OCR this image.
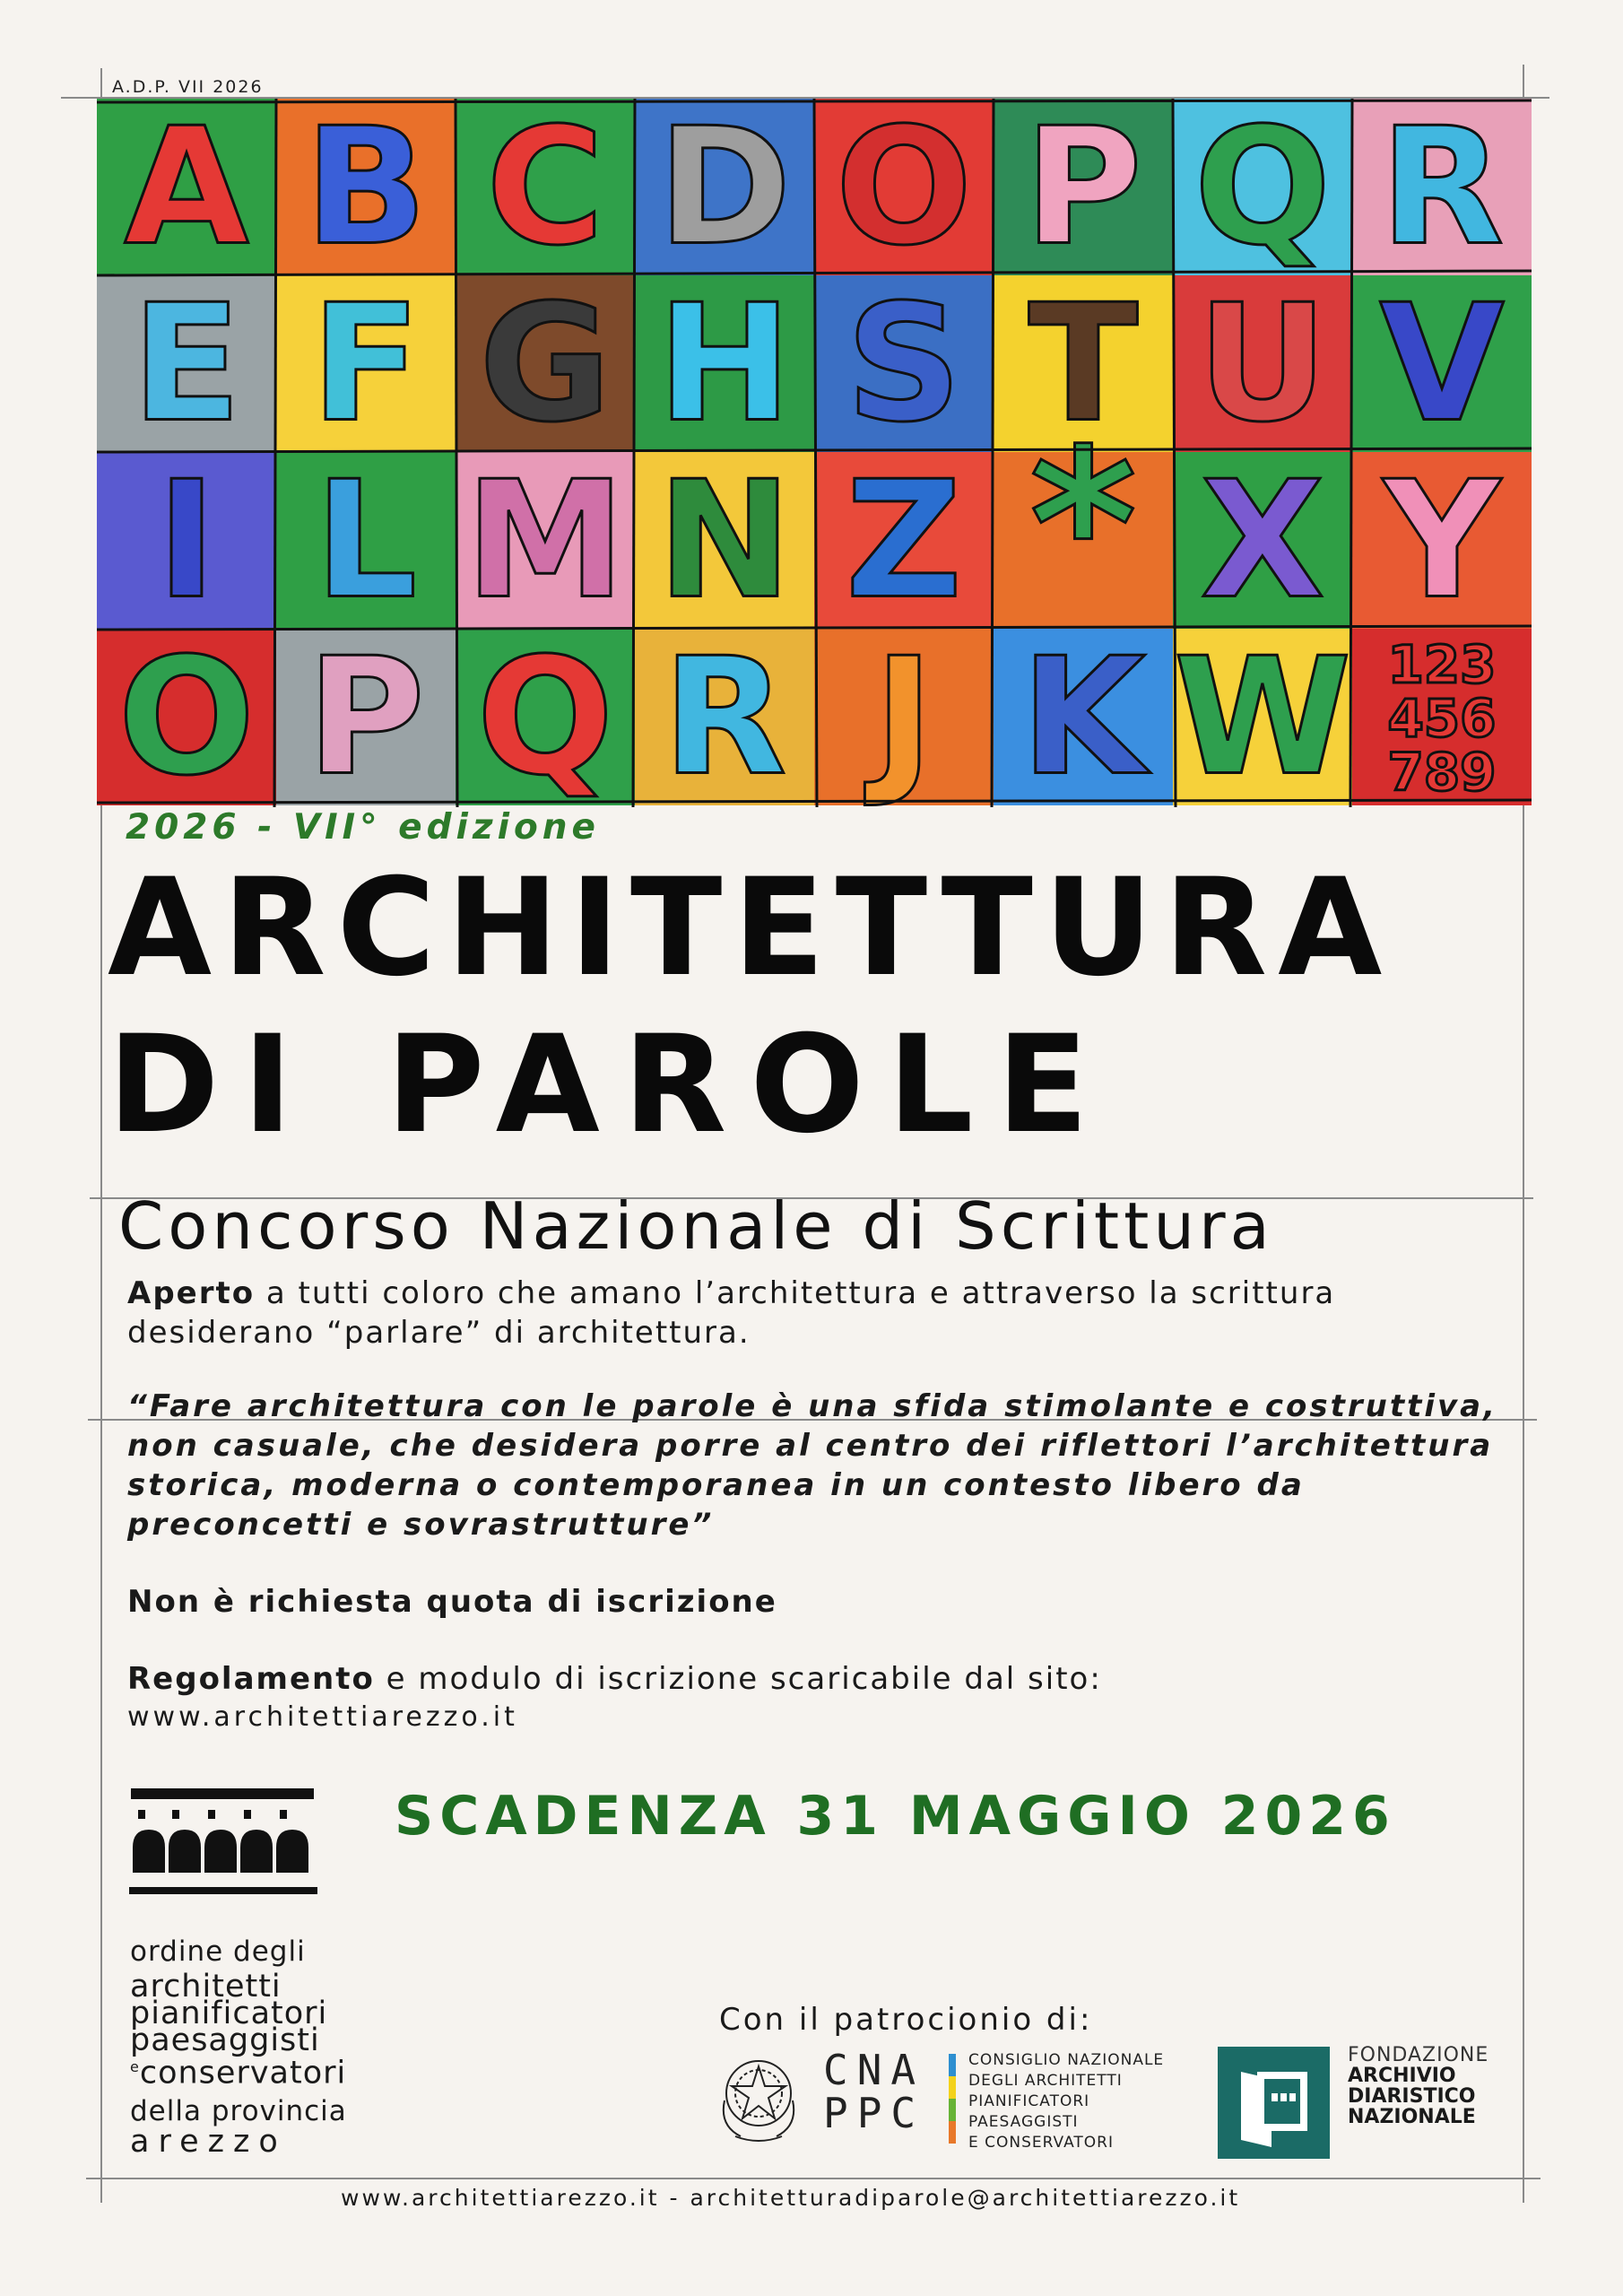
A.D.P. VII 2026
A B C D O P Q R
E F G H S T U V
I L M N Z * X Y
O P Q R J K W 123 456 789
2026 - VII° edizione
ARCHITETTURA
DI PAROLE
Concorso Nazionale di Scrittura
Aperto a tutti coloro che amano l’architettura e attraverso la scrittura desiderano “parlare” di architettura.
“Fare architettura con le parole è una sfida stimolante e costruttiva, non casuale, che desidera porre al centro dei riflettori l’architettura storica, moderna o contemporanea in un contesto libero da preconcetti e sovrastrutture”
Non è richiesta quota di iscrizione
Regolamento e modulo di iscrizione scaricabile dal sito:
www.architettiarezzo.it
SCADENZA 31 MAGGIO 2026
ordine degli
architetti
pianificatori
paesaggisti
$^e$conservatori
della provincia
arezzo
Con il patrocionio di:
CNA
PPC
CONSIGLIO NAZIONALE
DEGLI ARCHITETTI
PIANIFICATORI
PAESAGGISTI
E CONSERVATORI
FONDAZIONE
ARCHIVIO
DIARISTICO
NAZIONALE
www.architettiarezzo.it - architetturadiparole@architettiarezzo.it
